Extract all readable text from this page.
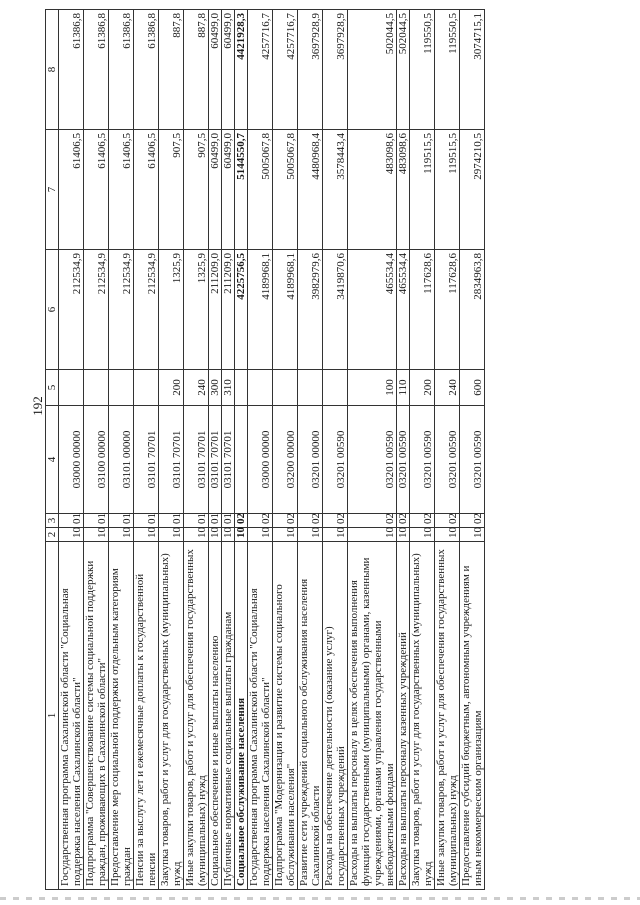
192
1	2	3	4	5	6	7	8
Государственная программа Сахалинской области "Социальная поддержка населения Сахалинской области"	10	01	03000 00000		212534,9	61406,5	61386,8
Подпрограмма "Совершенствование системы социальной поддержки граждан, проживающих в Сахалинской области"	10	01	03100 00000		212534,9	61406,5	61386,8
Предоставление мер социальной поддержки отдельным категориям граждан	10	01	03101 00000		212534,9	61406,5	61386,8
Пенсии за выслугу лет и ежемесячные доплаты к государственной пенсии	10	01	03101 70701		212534,9	61406,5	61386,8
Закупка товаров, работ и услуг для государственных (муниципальных) нужд	10	01	03101 70701	200	1325,9	907,5	887,8
Иные закупки товаров, работ и услуг для обеспечения государственных (муниципальных) нужд	10	01	03101 70701	240	1325,9	907,5	887,8
Социальное обеспечение и иные выплаты населению	10	01	03101 70701	300	211209,0	60499,0	60499,0
Публичные нормативные социальные выплаты гражданам	10	01	03101 70701	310	211209,0	60499,0	60499,0
Социальное обслуживание населения	10	02			4225756,5	5144550,7	4421928,3
Государственная программа Сахалинской области "Социальная поддержка населения Сахалинской области"	10	02	03000 00000		4189968,1	5005067,8	4257716,7
Подпрограмма "Модернизация и развитие системы социального обслуживания населения"	10	02	03200 00000		4189968,1	5005067,8	4257716,7
Развитие сети учреждений социального обслуживания населения Сахалинской области	10	02	03201 00000		3982979,6	4480968,4	3697928,9
Расходы на обеспечение деятельности (оказание услуг) государственных учреждений	10	02	03201 00590		3419870,6	3578443,4	3697928,9
Расходы на выплаты персоналу в целях обеспечения выполнения функций государственными (муниципальными) органами, казенными учреждениями, органами управления государственными внебюджетными фондами	10	02	03201 00590	100	465534,4	483098,6	502044,5
Расходы на выплаты персоналу казенных учреждений	10	02	03201 00590	110	465534,4	483098,6	502044,5
Закупка товаров, работ и услуг для государственных (муниципальных) нужд	10	02	03201 00590	200	117628,6	119515,5	119550,5
Иные закупки товаров, работ и услуг для обеспечения государственных (муниципальных) нужд	10	02	03201 00590	240	117628,6	119515,5	119550,5
Предоставление субсидий бюджетным, автономным учреждениям и иным некоммерческим организациям	10	02	03201 00590	600	2834963,8	2974210,5	3074715,1
